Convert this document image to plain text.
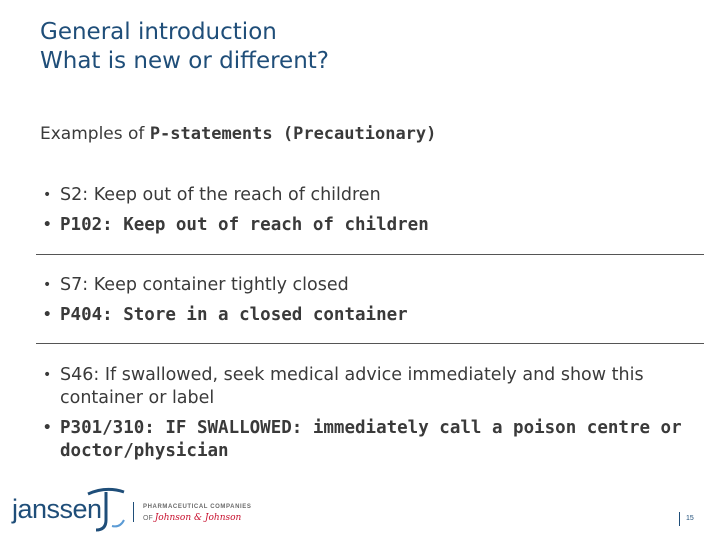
General introduction
What is new or different?
Examples of P-statements (Precautionary)
• S2: Keep out of the reach of children
• P102: Keep out of reach of children
• S7: Keep container tightly closed
• P404: Store in a closed container
• S46: If swallowed, seek medical advice immediately and show this container or label
• P301/310: IF SWALLOWED: immediately call a poison centre or doctor/physician
janssen	PHARMACEUTICAL COMPANIES
OF Johnson & Johnson	15
